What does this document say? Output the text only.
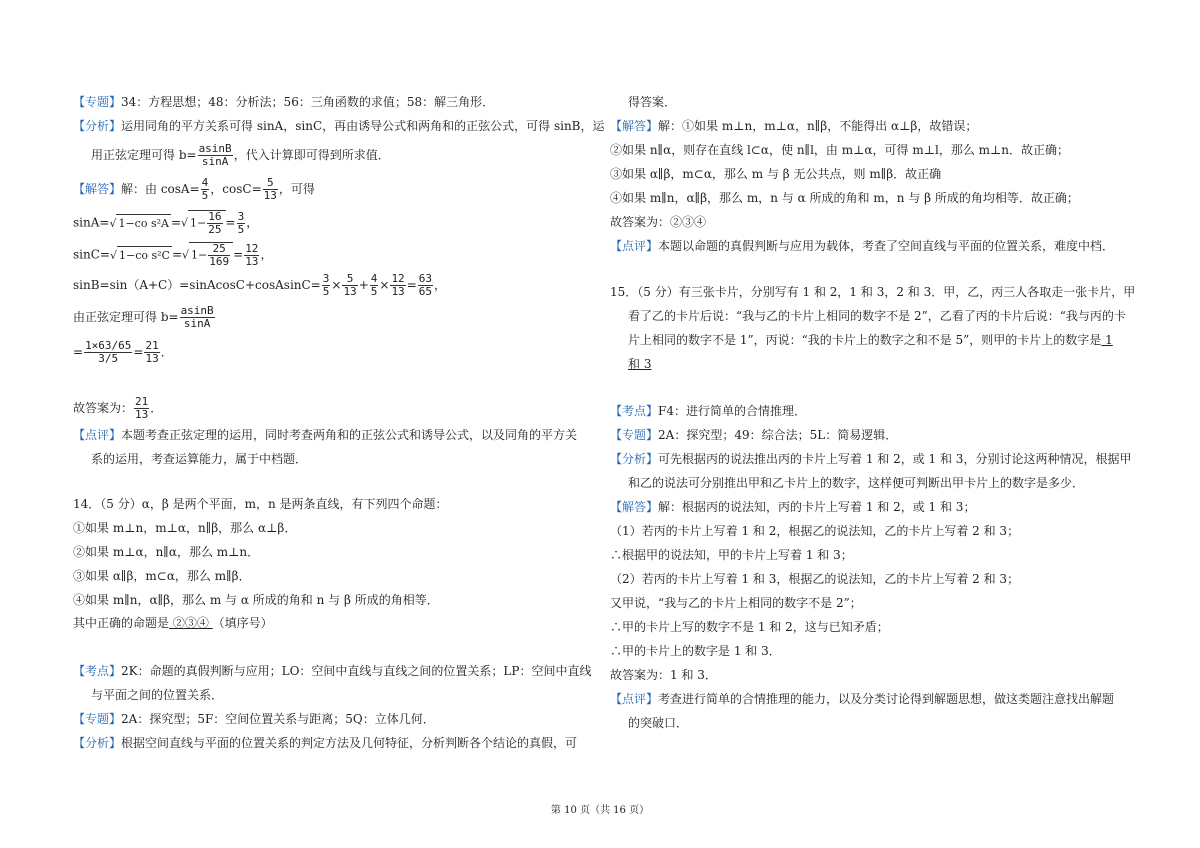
【专题】34：方程思想；48：分析法；56：三角函数的求值；58：解三角形．
【分析】运用同角的平方关系可得 sinA，sinC，再由诱导公式和两角和的正弦公式，可得 sinB，运
用正弦定理可得 $b= \frac{asinB}{\sin A}$ ，代入计算即可得到所求值．
【解答】解：由 $\cos A= \frac{4}{5}$ ，$\cos C= \frac{5}{13}$ ，可得
sinA=√ 1−co s²A =√ $1- \frac{16}{25} = \frac{3}{5}$ ，
sinC=√ 1−co s²C =√ $1- \frac{25}{169} = \frac{12}{13}$ ，
sinB=sin（A+C）=sinAcosC+cosAsinC= $\frac{3}{5} \times \frac{5}{13} + \frac{4}{5} \times \frac{12}{13} = \frac{63}{65}$ ，
由正弦定理可得 $b= \frac{asinB}{\sin A}$
= $\frac{1\times 63/65}{3/5} = \frac{21}{13}$ ．
故答案为： $\frac{21}{13}$ ．
【点评】本题考查正弦定理的运用，同时考查两角和的正弦公式和诱导公式，以及同角的平方关
系的运用，考查运算能力，属于中档题．
14．（5 分）α，β 是两个平面，m，n 是两条直线，有下列四个命题：
①如果 m⊥n，m⊥α，n∥β，那么 α⊥β．
②如果 m⊥α，n∥α，那么 m⊥n．
③如果 α∥β，m⊂α，那么 m∥β．
④如果 m∥n，α∥β，那么 m 与 α 所成的角和 n 与 β 所成的角相等．
其中正确的命题是 ②③④ （填序号）
【考点】2K：命题的真假判断与应用；LO：空间中直线与直线之间的位置关系；LP：空间中直线
与平面之间的位置关系．
【专题】2A：探究型；5F：空间位置关系与距离；5Q：立体几何．
【分析】根据空间直线与平面的位置关系的判定方法及几何特征，分析判断各个结论的真假，可
得答案．
【解答】解：①如果 m⊥n，m⊥α，n∥β，不能得出 α⊥β，故错误；
②如果 n∥α，则存在直线 l⊂α，使 n∥l，由 m⊥α，可得 m⊥l，那么 m⊥n．故正确；
③如果 α∥β，m⊂α，那么 m 与 β 无公共点，则 m∥β．故正确
④如果 m∥n，α∥β，那么 m，n 与 α 所成的角和 m，n 与 β 所成的角均相等．故正确；
故答案为：②③④
【点评】本题以命题的真假判断与应用为载体，考查了空间直线与平面的位置关系，难度中档．
15．（5 分）有三张卡片，分别写有 1 和 2，1 和 3，2 和 3．甲，乙，丙三人各取走一张卡片，甲
看了乙的卡片后说：“我与乙的卡片上相同的数字不是 2”，乙看了丙的卡片后说：“我与丙的卡
片上相同的数字不是 1”，丙说：“我的卡片上的数字之和不是 5”，则甲的卡片上的数字是 1
和 3
【考点】F4：进行简单的合情推理．
【专题】2A：探究型；49：综合法；5L：简易逻辑．
【分析】可先根据丙的说法推出丙的卡片上写着 1 和 2，或 1 和 3，分别讨论这两种情况，根据甲
和乙的说法可分别推出甲和乙卡片上的数字，这样便可判断出甲卡片上的数字是多少．
【解答】解：根据丙的说法知，丙的卡片上写着 1 和 2，或 1 和 3；
（1）若丙的卡片上写着 1 和 2，根据乙的说法知，乙的卡片上写着 2 和 3；
∴根据甲的说法知，甲的卡片上写着 1 和 3；
（2）若丙的卡片上写着 1 和 3，根据乙的说法知，乙的卡片上写着 2 和 3；
又甲说，“我与乙的卡片上相同的数字不是 2”；
∴甲的卡片上写的数字不是 1 和 2，这与已知矛盾；
∴甲的卡片上的数字是 1 和 3．
故答案为：1 和 3．
【点评】考查进行简单的合情推理的能力，以及分类讨论得到解题思想，做这类题注意找出解题
的突破口．
第 10 页（共 16 页）
